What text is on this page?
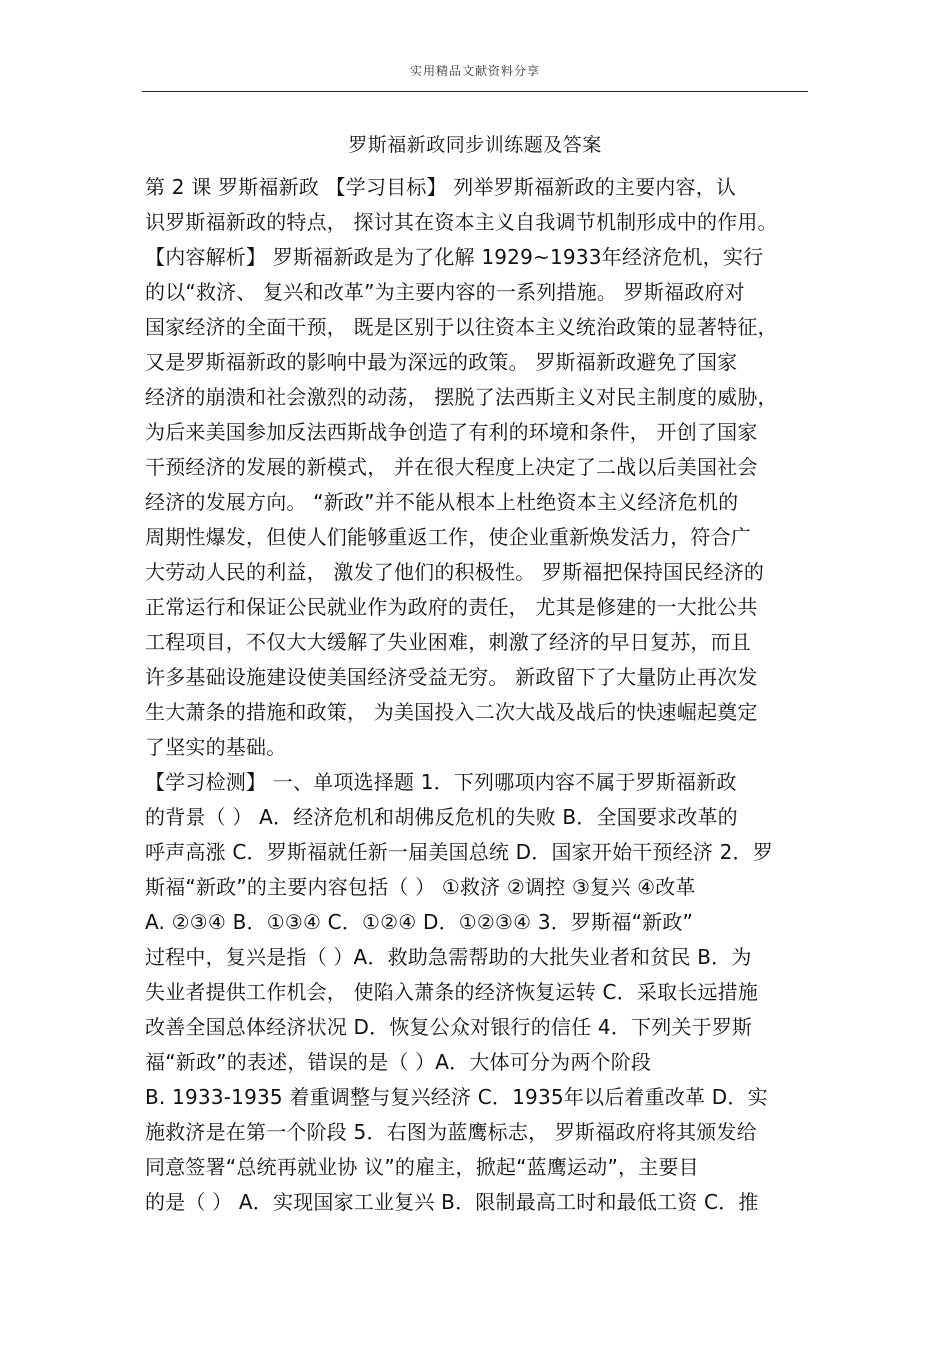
实用精品文献资料分享
罗斯福新政同步训练题及答案
第 2 课 罗斯福新政 【学习目标】 列举罗斯福新政的主要内容，认
识罗斯福新政的特点， 探讨其在资本主义自我调节机制形成中的作用。
【内容解析】 罗斯福新政是为了化解 1929~1933年经济危机，实行
的以“救济、 复兴和改革”为主要内容的一系列措施。 罗斯福政府对
国家经济的全面干预， 既是区别于以往资本主义统治政策的显著特征，
又是罗斯福新政的影响中最为深远的政策。 罗斯福新政避免了国家
经济的崩溃和社会激烈的动荡， 摆脱了法西斯主义对民主制度的威胁，
为后来美国参加反法西斯战争创造了有利的环境和条件， 开创了国家
干预经济的发展的新模式， 并在很大程度上决定了二战以后美国社会
经济的发展方向。 “新政”并不能从根本上杜绝资本主义经济危机的
周期性爆发，但使人们能够重返工作，使企业重新焕发活力，符合广
大劳动人民的利益， 激发了他们的积极性。 罗斯福把保持国民经济的
正常运行和保证公民就业作为政府的责任， 尤其是修建的一大批公共
工程项目，不仅大大缓解了失业困难，刺激了经济的早日复苏，而且
许多基础设施建设使美国经济受益无穷。 新政留下了大量防止再次发
生大萧条的措施和政策， 为美国投入二次大战及战后的快速崛起奠定
了坚实的基础。
【学习检测】 一、单项选择题 1．下列哪项内容不属于罗斯福新政
的背景（ ） A．经济危机和胡佛反危机的失败 B．全国要求改革的
呼声高涨 C．罗斯福就任新一届美国总统 D．国家开始干预经济 2．罗
斯福“新政”的主要内容包括（ ） ①救济 ②调控 ③复兴 ④改革
A. ②③④ B．①③④ C．①②④ D．①②③④ 3．罗斯福“新政”
过程中，复兴是指（ ）A．救助急需帮助的大批失业者和贫民 B．为
失业者提供工作机会， 使陷入萧条的经济恢复运转 C．采取长远措施
改善全国总体经济状况 D．恢复公众对银行的信任 4．下列关于罗斯
福“新政”的表述，错误的是（ ）A．大体可分为两个阶段
B. 1933-1935 着重调整与复兴经济 C．1935年以后着重改革 D．实
施救济是在第一个阶段 5．右图为蓝鹰标志， 罗斯福政府将其颁发给
同意签署“总统再就业协 议”的雇主，掀起“蓝鹰运动”，主要目
的是（ ） A．实现国家工业复兴 B．限制最高工时和最低工资 C．推
